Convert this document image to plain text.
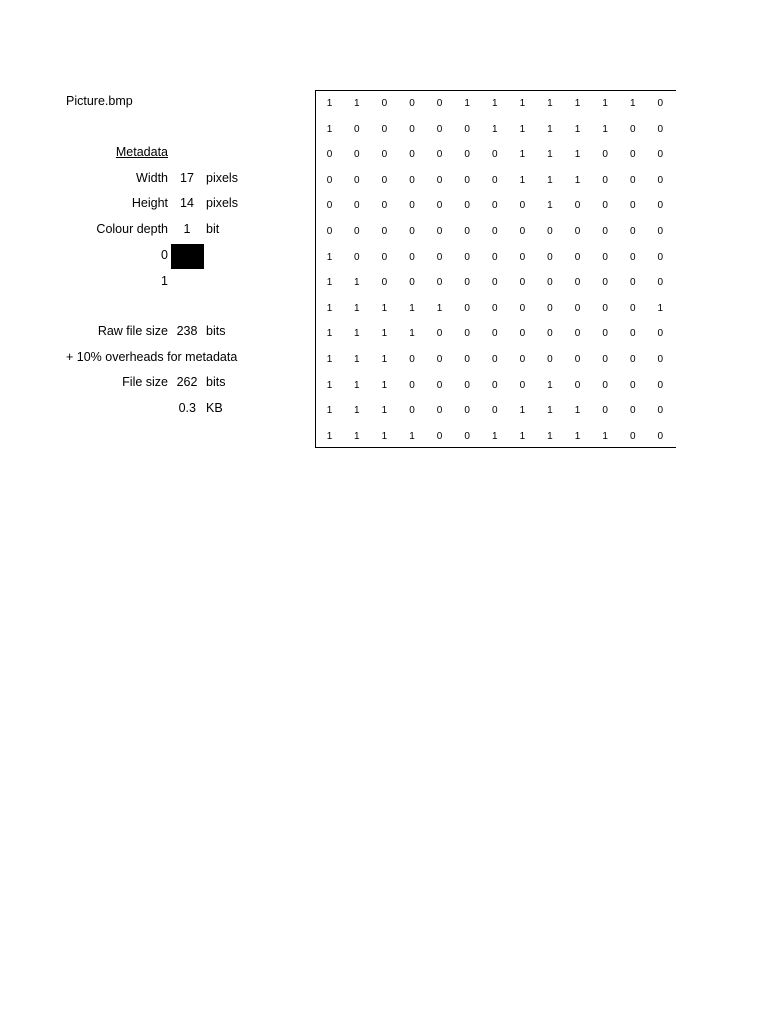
Picture.bmp
Metadata
Width 17 pixels
Height 14 pixels
Colour depth	1	bit
0
1
Raw file size 238 bits
+ 10% overheads for metadata
File size 262 bits
0.3 KB
1	1	0	0	0	1	1	1	1	1	1	1	0
1	0	0	0	0	0	1	1	1	1	1	0	0
0	0	0	0	0	0	0	1	1	1	0	0	0
0	0	0	0	0	0	0	1	1	1	0	0	0
0	0	0	0	0	0	0	0	1	0	0	0	0
0	0	0	0	0	0	0	0	0	0	0	0	0
1	0	0	0	0	0	0	0	0	0	0	0	0
1	1	0	0	0	0	0	0	0	0	0	0	0
1	1	1	1	1	0	0	0	0	0	0	0	1
1	1	1	1	0	0	0	0	0	0	0	0	0
1	1	1	0	0	0	0	0	0	0	0	0	0
1	1	1	0	0	0	0	0	1	0	0	0	0
1	1	1	0	0	0	0	1	1	1	0	0	0
1	1	1	1	0	0	1	1	1	1	1	0	0
